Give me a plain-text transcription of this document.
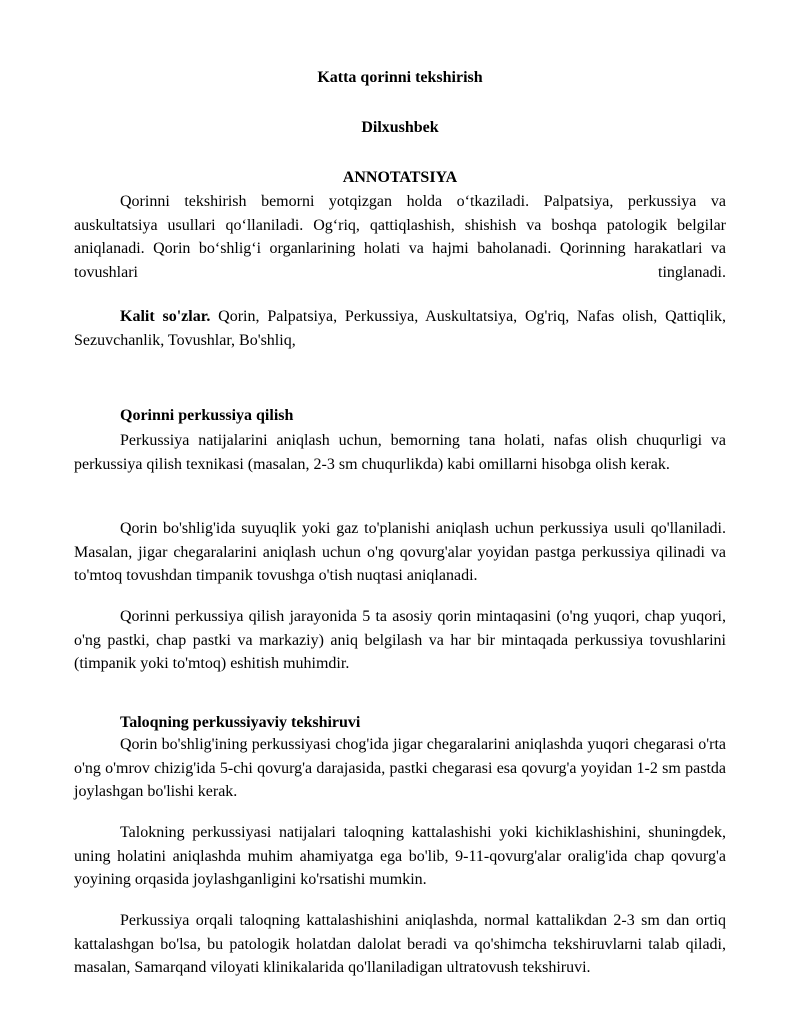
Katta qorinni tekshirish

Dilxushbek

ANNOTATSIYA

Qorinni tekshirish bemorni yotqizgan holda o‘tkaziladi. Palpatsiya, perkussiya va auskultatsiya usullari qo‘llaniladi. Og‘riq, qattiqlashish, shishish va boshqa patologik belgilar aniqlanadi. Qorin bo‘shlig‘i organlarining holati va hajmi baholanadi. Qorinning harakatlari va tovushlari tinglanadi.

Kalit so'zlar. Qorin, Palpatsiya, Perkussiya, Auskultatsiya, Og'riq, Nafas olish, Qattiqlik, Sezuvchanlik, Tovushlar, Bo'shliq,

Qorinni perkussiya qilish

Perkussiya natijalarini aniqlash uchun, bemorning tana holati, nafas olish chuqurligi va perkussiya qilish texnikasi (masalan, 2-3 sm chuqurlikda) kabi omillarni hisobga olish kerak.

Qorin bo'shlig'ida suyuqlik yoki gaz to'planishi aniqlash uchun perkussiya usuli qo'llaniladi. Masalan, jigar chegaralarini aniqlash uchun o'ng qovurg'alar yoyidan pastga perkussiya qilinadi va to'mtoq tovushdan timpanik tovushga o'tish nuqtasi aniqlanadi.

Qorinni perkussiya qilish jarayonida 5 ta asosiy qorin mintaqasini (o'ng yuqori, chap yuqori, o'ng pastki, chap pastki va markaziy) aniq belgilash va har bir mintaqada perkussiya tovushlarini (timpanik yoki to'mtoq) eshitish muhimdir.

Taloqning perkussiyaviy tekshiruvi

Qorin bo'shlig'ining perkussiyasi chog'ida jigar chegaralarini aniqlashda yuqori chegarasi o'rta o'ng o'mrov chizig'ida 5-chi qovurg'a darajasida, pastki chegarasi esa qovurg'a yoyidan 1-2 sm pastda joylashgan bo'lishi kerak.

Talokning perkussiyasi natijalari taloqning kattalashishi yoki kichiklashishini, shuningdek, uning holatini aniqlashda muhim ahamiyatga ega bo'lib, 9-11-qovurg'alar oralig'ida chap qovurg'a yoyining orqasida joylashganligini ko'rsatishi mumkin.

Perkussiya orqali taloqning kattalashishini aniqlashda, normal kattalikdan 2-3 sm dan ortiq kattalashgan bo'lsa, bu patologik holatdan dalolat beradi va qo'shimcha tekshiruvlarni talab qiladi, masalan, Samarqand viloyati klinikalarida qo'llaniladigan ultratovush tekshiruvi.
